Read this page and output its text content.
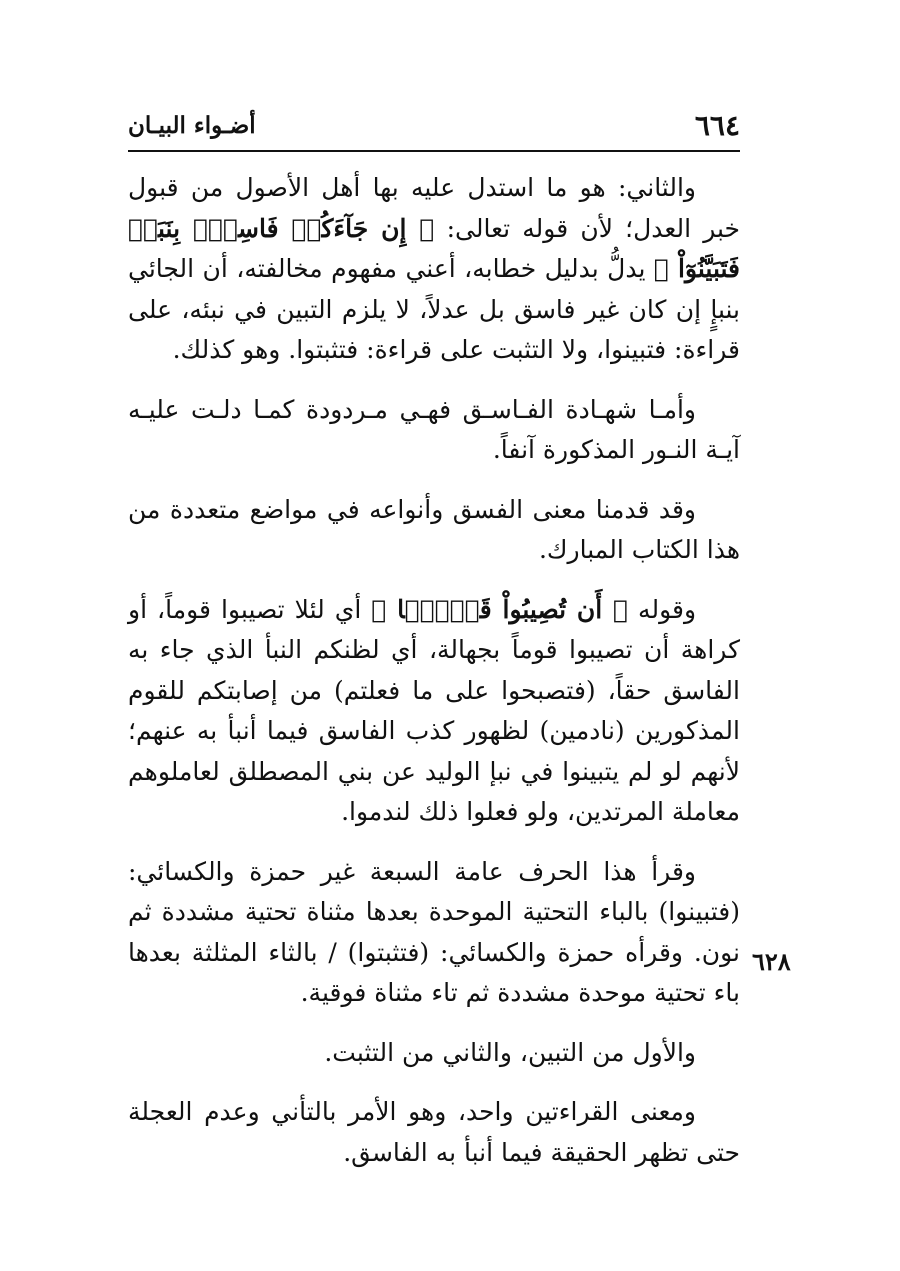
٦٦٤
أضـواء البيـان

والثاني: هو ما استدل عليه بها أهل الأصول من قبول خبر العدل؛ لأن قوله تعالى: ﴿ إِن جَآءَكُمۡ فَاسِقُۢ بِنَبَإٖ فَتَبَيَّنُوٓاْ ﴾ يدلُّ بدليل خطابه، أعني مفهوم مخالفته، أن الجائي بنبإٍ إن كان غير فاسق بل عدلاً، لا يلزم التبين في نبئه، على قراءة: فتبينوا، ولا التثبت على قراءة: فتثبتوا. وهو كذلك.

وأمـا شهـادة الفـاسـق فهـي مـردودة كمـا دلـت عليـه آيـة النـور المذكورة آنفاً.

وقد قدمنا معنى الفسق وأنواعه في مواضع متعددة من هذا الكتاب المبارك.

وقوله ﴿ أَن تُصِيبُواْ قَوۡمَۢا ﴾ أي لئلا تصيبوا قوماً، أو كراهة أن تصيبوا قوماً بجهالة، أي لظنكم النبأ الذي جاء به الفاسق حقاً، (فتصبحوا على ما فعلتم) من إصابتكم للقوم المذكورين (نادمين) لظهور كذب الفاسق فيما أنبأ به عنهم؛ لأنهم لو لم يتبينوا في نبإ الوليد عن بني المصطلق لعاملوهم معاملة المرتدين، ولو فعلوا ذلك لندموا.

وقرأ هذا الحرف عامة السبعة غير حمزة والكسائي: (فتبينوا) بالباء التحتية الموحدة بعدها مثناة تحتية مشددة ثم نون. وقرأه حمزة والكسائي: (فتثبتوا) / بالثاء المثلثة بعدها باء تحتية موحدة مشددة ثم تاء مثناة فوقية.

والأول من التبين، والثاني من التثبت.

ومعنى القراءتين واحد، وهو الأمر بالتأني وعدم العجلة حتى تظهر الحقيقة فيما أنبأ به الفاسق.

٦٢٨
